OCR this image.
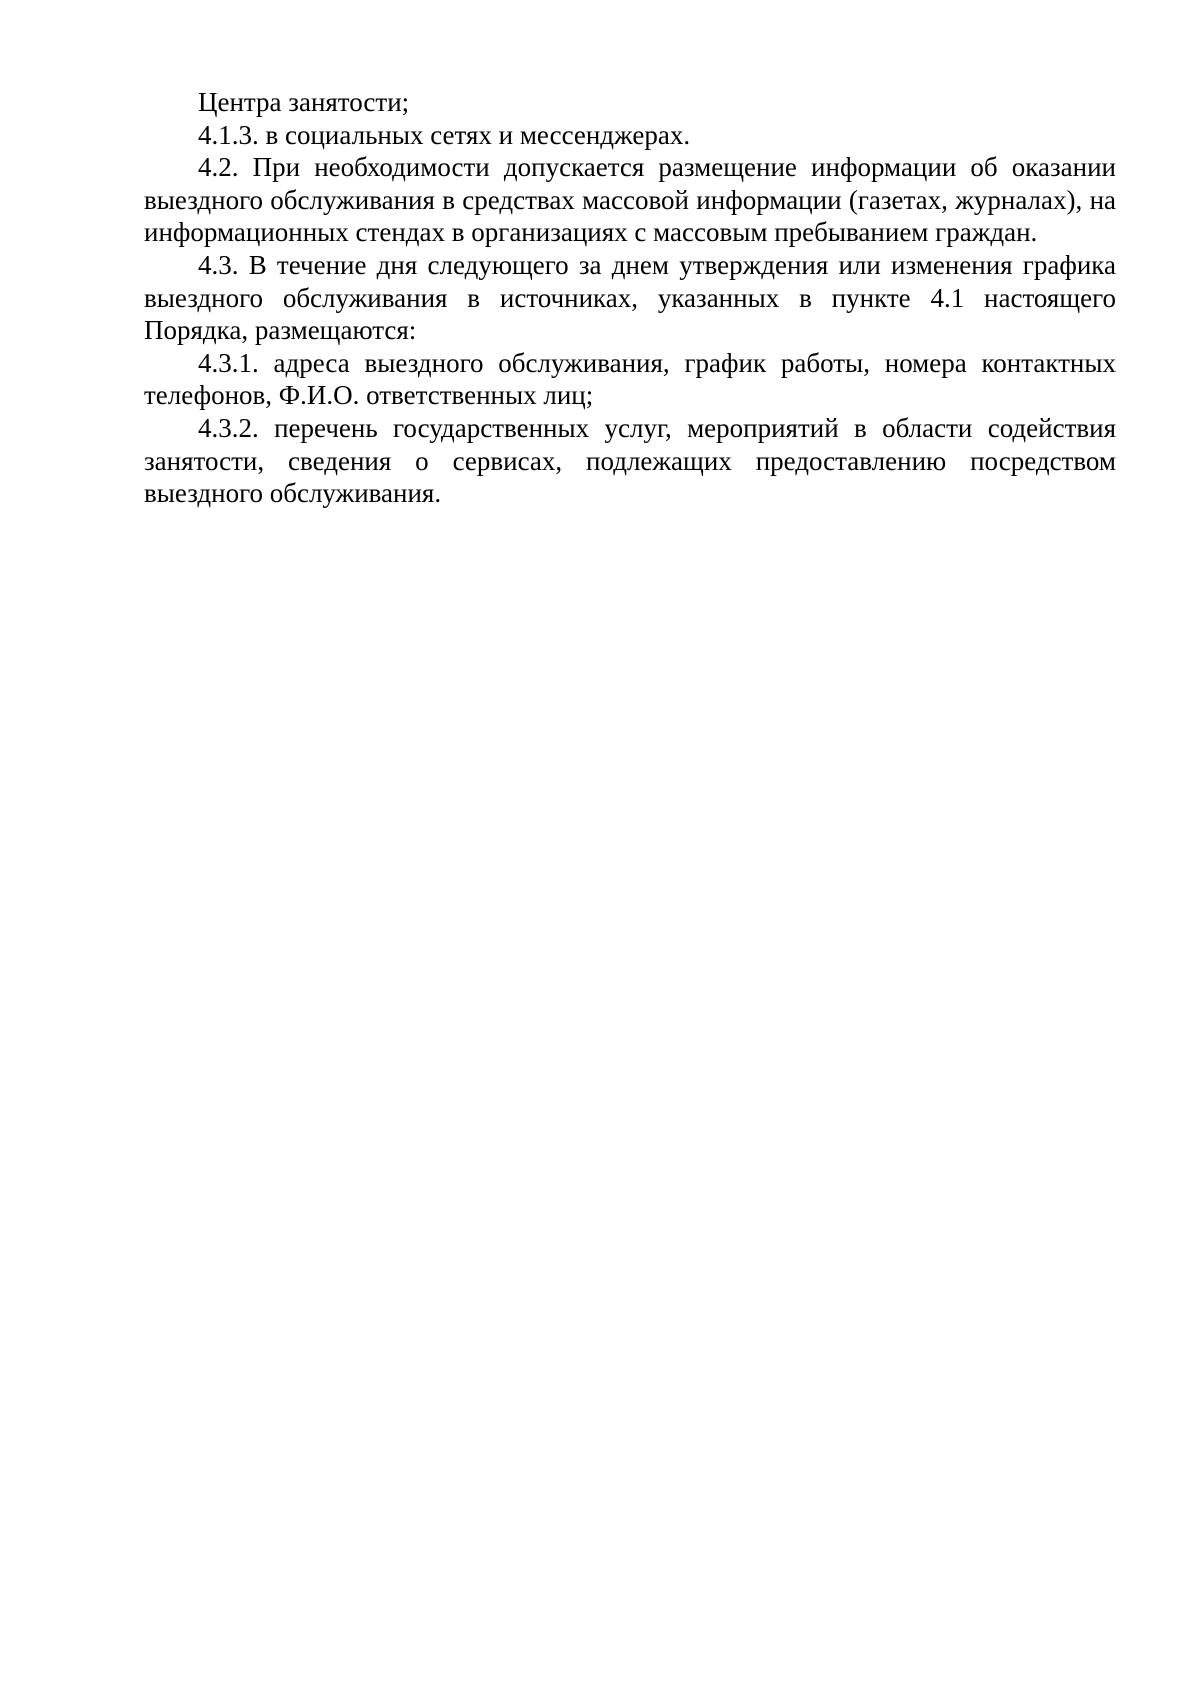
Центра занятости;

4.1.3. в социальных сетях и мессенджерах.

4.2. При необходимости допускается размещение информации об оказании выездного обслуживания в средствах массовой информации (газетах, журналах), на информационных стендах в организациях с массовым пребыванием граждан.

4.3. В течение дня следующего за днем утверждения или изменения графика выездного обслуживания в источниках, указанных в пункте 4.1 настоящего Порядка, размещаются:

4.3.1. адреса выездного обслуживания, график работы, номера контактных телефонов, Ф.И.О. ответственных лиц;

4.3.2. перечень государственных услуг, мероприятий в области содействия занятости, сведения о сервисах, подлежащих предоставлению посредством выездного обслуживания.
